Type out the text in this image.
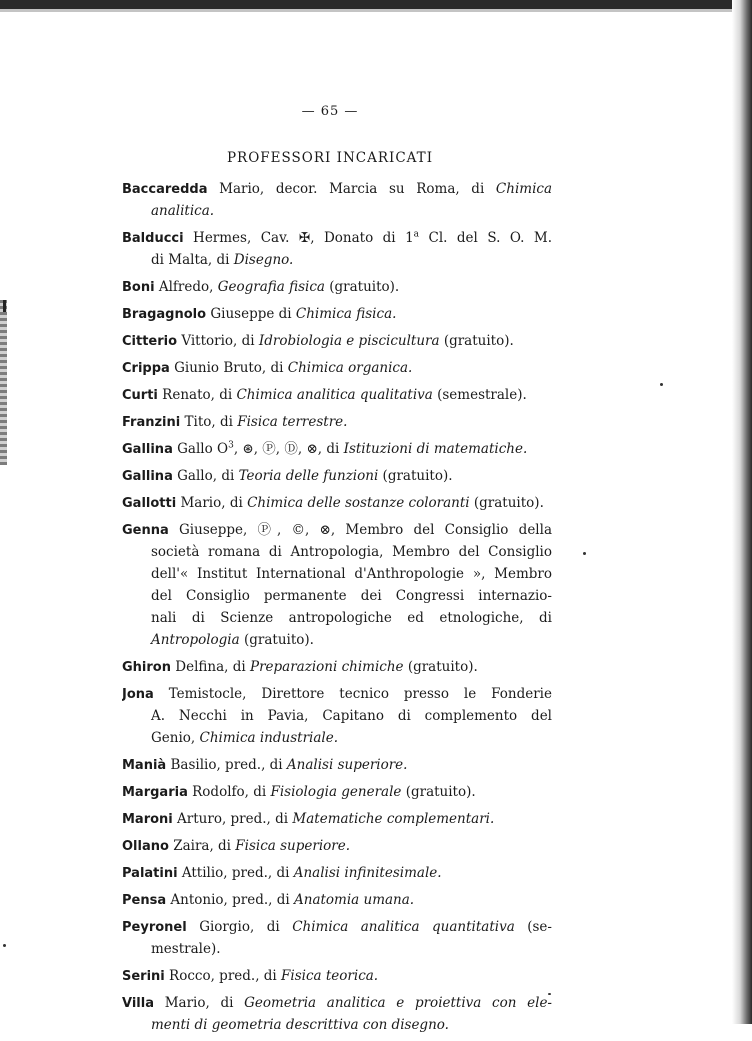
— 65 —
PROFESSORI INCARICATI
Baccaredda Mario, decor. Marcia su Roma, di Chimica
analitica.
Balducci Hermes, Cav. ✠, Donato di 1$^a$ Cl. del S. O. M.
di Malta, di Disegno.
Boni Alfredo, Geografia fisica (gratuito).
Bragagnolo Giuseppe di Chimica fisica.
Citterio Vittorio, di Idrobiologia e piscicultura (gratuito).
Crippa Giunio Bruto, di Chimica organica.
Curti Renato, di Chimica analitica qualitativa (semestrale).
Franzini Tito, di Fisica terrestre.
Gallina Gallo $O^3$, ⊛, Ⓟ, Ⓓ, ⊗, di Istituzioni di matematiche.
Gallina Gallo, di Teoria delle funzioni (gratuito).
Gallotti Mario, di Chimica delle sostanze coloranti (gratuito).
Genna Giuseppe, Ⓟ, ©, ⊗, Membro del Consiglio della
società romana di Antropologia, Membro del Consiglio
dell'« Institut International d'Anthropologie », Membro
del Consiglio permanente dei Congressi internazio-
nali di Scienze antropologiche ed etnologiche, di
Antropologia (gratuito).
Ghiron Delfina, di Preparazioni chimiche (gratuito).
Jona Temistocle, Direttore tecnico presso le Fonderie
A. Necchi in Pavia, Capitano di complemento del
Genio, Chimica industriale.
Manià Basilio, pred., di Analisi superiore.
Margaria Rodolfo, di Fisiologia generale (gratuito).
Maroni Arturo, pred., di Matematiche complementari.
Ollano Zaira, di Fisica superiore.
Palatini Attilio, pred., di Analisi infinitesimale.
Pensa Antonio, pred., di Anatomia umana.
Peyronel Giorgio, di Chimica analitica quantitativa (se-
mestrale).
Serini Rocco, pred., di Fisica teorica.
Villa Mario, di Geometria analitica e proiettiva con ele-
menti di geometria descrittiva con disegno.
